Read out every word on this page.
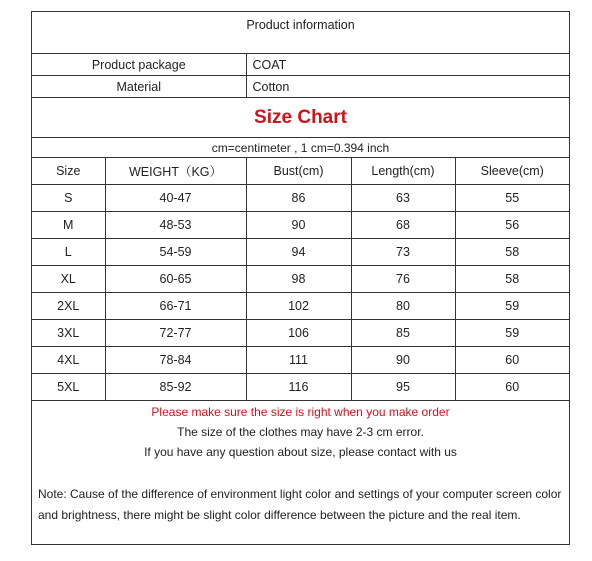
Product information	
Product package	COAT
Material	Cotton
Size Chart	
cm=centimeter , 1 cm=0.394 inch				
Size	WEIGHT（KG）	Bust(cm)	Length(cm)	Sleeve(cm)
S	40-47	86	63	55
M	48-53	90	68	56
L	54-59	94	73	58
XL	60-65	98	76	58
2XL	66-71	102	80	59
3XL	72-77	106	85	59
4XL	78-84	111	90	60
5XL	85-92	116	95	60
Please make sure the size is right when you make order
The size of the clothes may have 2-3 cm error.
If you have any question about size, please contact with us
Note: Cause of the difference of environment light color and settings of your computer screen color
and brightness, there might be slight color difference between the picture and the real item.
